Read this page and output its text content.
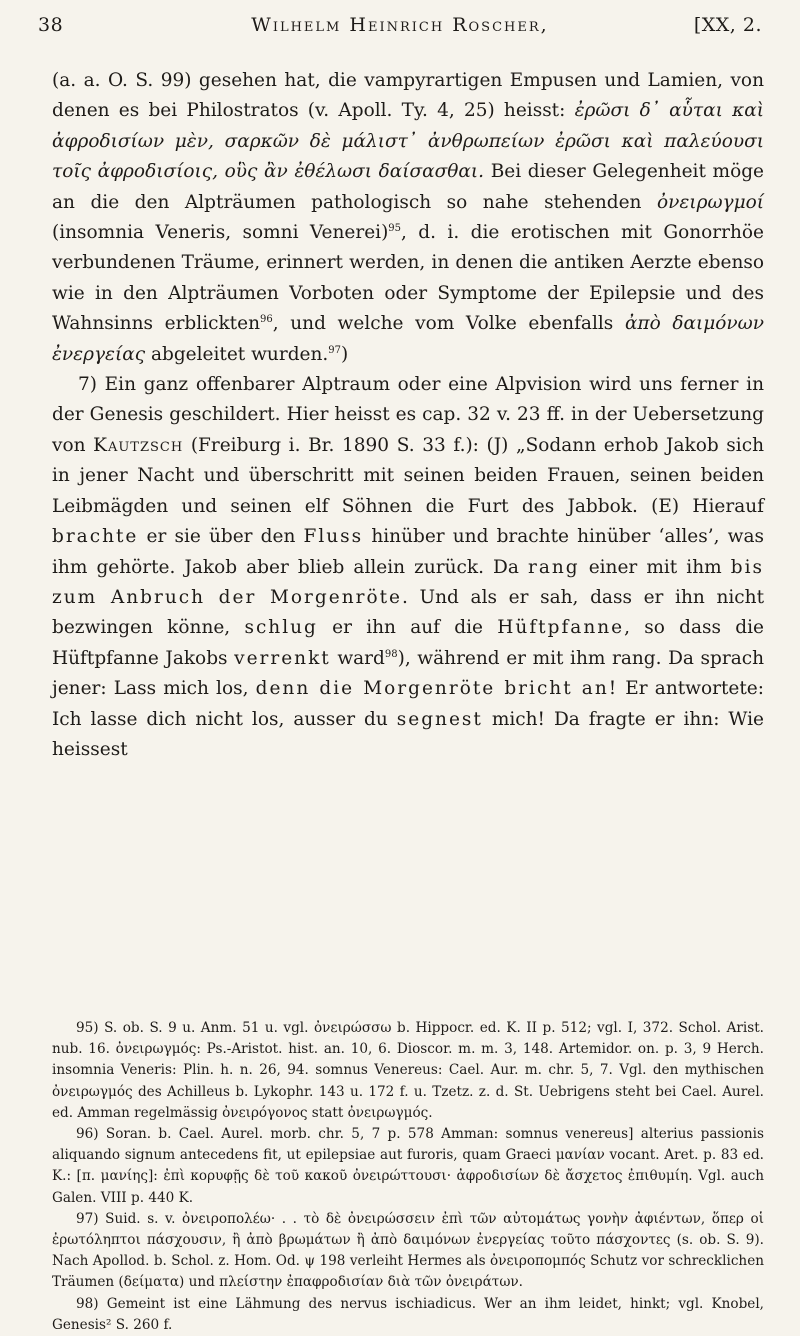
38	Wilhelm Heinrich Roscher,	[XX, 2.

(a. a. O. S. 99) gesehen hat, die vampyrartigen Empusen und Lamien, von denen es bei Philostratos (v. Apoll. Ty. 4, 25) heisst: ἐρῶσι δ᾽ αὗται καὶ ἀφροδισίων μὲν, σαρκῶν δὲ μάλιστ᾽ ἀνθρωπείων ἐρῶσι καὶ παλεύουσι τοῖς ἀφροδισίοις, οὓς ἂν ἐθέλωσι δαίσασθαι. Bei dieser Gelegenheit möge an die den Alpträumen pathologisch so nahe stehenden ὀνειρωγμοί (insomnia Veneris, somni Venerei)$^{95}$, d. i. die erotischen mit Gonorrhöe verbundenen Träume, erinnert werden, in denen die antiken Aerzte ebenso wie in den Alpträumen Vorboten oder Symptome der Epilepsie und des Wahnsinns erblickten$^{96}$, und welche vom Volke ebenfalls ἀπὸ δαιμόνων ἐνεργείας abgeleitet wurden.$^{97}$)

7) Ein ganz offenbarer Alptraum oder eine Alpvision wird uns ferner in der Genesis geschildert. Hier heisst es cap. 32 v. 23 ff. in der Uebersetzung von Kautzsch (Freiburg i. Br. 1890 S. 33 f.): (J) „Sodann erhob Jakob sich in jener Nacht und überschritt mit seinen beiden Frauen, seinen beiden Leibmägden und seinen elf Söhnen die Furt des Jabbok. (E) Hierauf brachte er sie über den Fluss hinüber und brachte hinüber ‘alles’, was ihm gehörte. Jakob aber blieb allein zurück. Da rang einer mit ihm bis zum Anbruch der Morgenröte. Und als er sah, dass er ihn nicht bezwingen könne, schlug er ihn auf die Hüftpfanne, so dass die Hüftpfanne Jakobs verrenkt ward$^{98}$), während er mit ihm rang. Da sprach jener: Lass mich los, denn die Morgenröte bricht an! Er antwortete: Ich lasse dich nicht los, ausser du segnest mich! Da fragte er ihn: Wie heissest

95) S. ob. S. 9 u. Anm. 51 u. vgl. ὀνειρώσσω b. Hippocr. ed. K. II p. 512; vgl. I, 372. Schol. Arist. nub. 16. ὀνειρωγμός: Ps.-Aristot. hist. an. 10, 6. Dioscor. m. m. 3, 148. Artemidor. on. p. 3, 9 Herch. insomnia Veneris: Plin. h. n. 26, 94. somnus Venereus: Cael. Aur. m. chr. 5, 7. Vgl. den mythischen ὀνειρωγμός des Achilleus b. Lykophr. 143 u. 172 f. u. Tzetz. z. d. St. Uebrigens steht bei Cael. Aurel. ed. Amman regelmässig ὀνειρόγονος statt ὀνειρωγμός.

96) Soran. b. Cael. Aurel. morb. chr. 5, 7 p. 578 Amman: somnus venereus] alterius passionis aliquando signum antecedens fit, ut epilepsiae aut furoris, quam Graeci μανίαν vocant. Aret. p. 83 ed. K.: [π. μανίης]: ἐπὶ κορυφῇς δὲ τοῦ κακοῦ ὀνειρώττουσι· ἀφροδισίων δὲ ἄσχετος ἐπιθυμίη. Vgl. auch Galen. VIII p. 440 K.

97) Suid. s. v. ὀνειροπολέω· . . τὸ δὲ ὀνειρώσσειν ἐπὶ τῶν αὐτομάτως γονὴν ἀφιέντων, ὅπερ οἱ ἐρωτόληπτοι πάσχουσιν, ἢ ἀπὸ βρωμάτων ἢ ἀπὸ δαιμόνων ἐνεργείας τοῦτο πάσχοντες (s. ob. S. 9). Nach Apollod. b. Schol. z. Hom. Od. ψ 198 verleiht Hermes als ὀνειροπομπός Schutz vor schrecklichen Träumen (δείματα) und πλείστην ἐπαφροδισίαν διὰ τῶν ὀνειράτων.

98) Gemeint ist eine Lähmung des nervus ischiadicus. Wer an ihm leidet, hinkt; vgl. Knobel, Genesis² S. 260 f.
